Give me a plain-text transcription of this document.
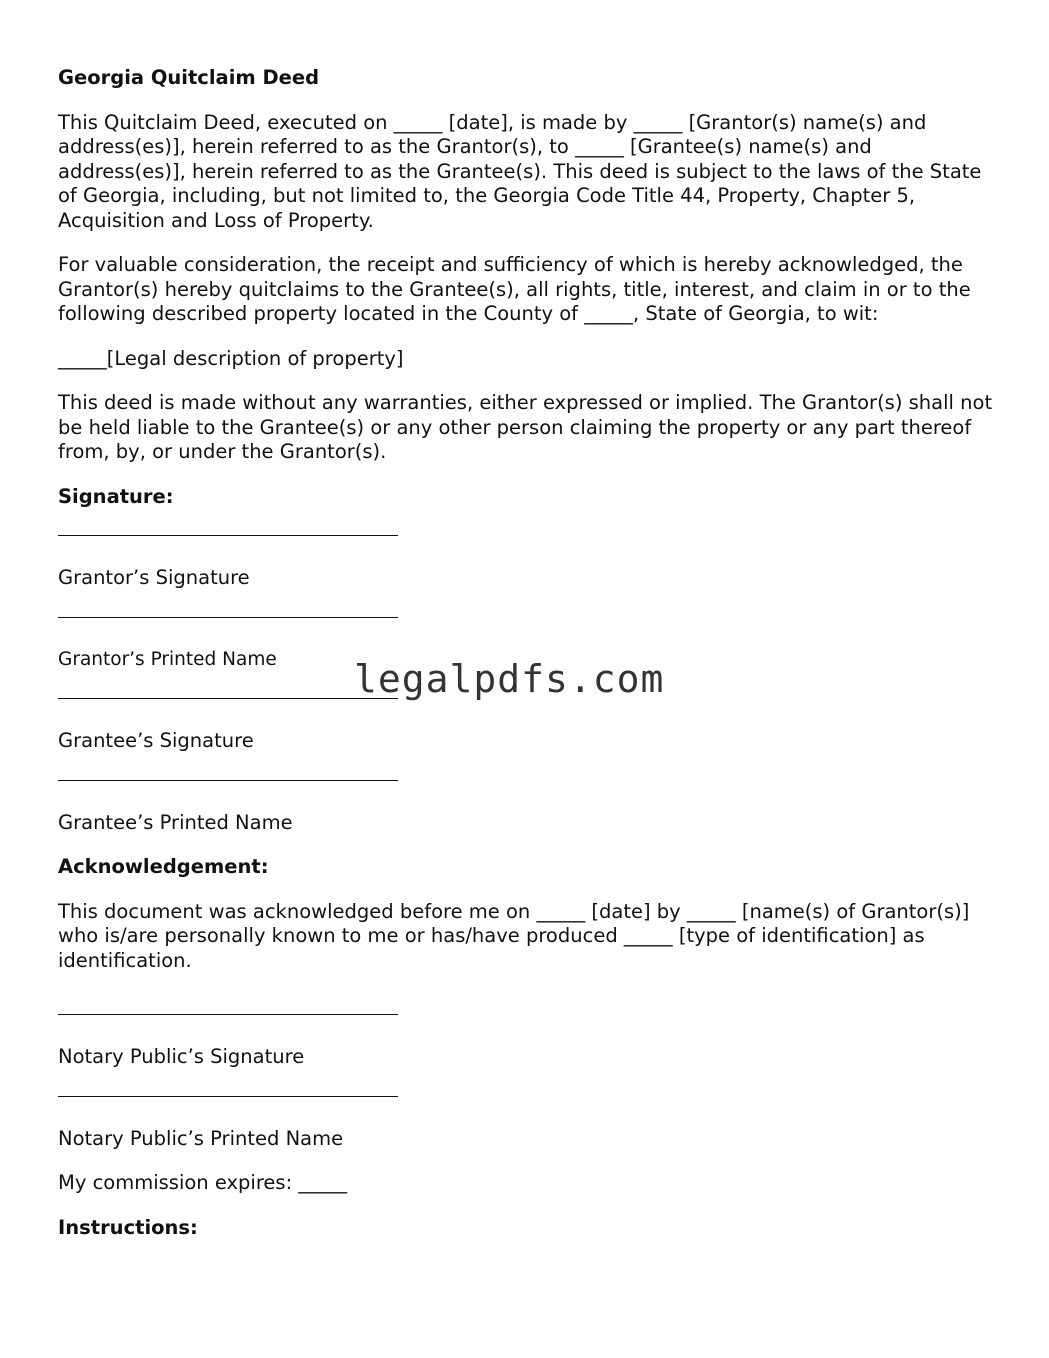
Georgia Quitclaim Deed
This Quitclaim Deed, executed on _____ [date], is made by _____ [Grantor(s) name(s) and address(es)], herein referred to as the Grantor(s), to _____ [Grantee(s) name(s) and address(es)], herein referred to as the Grantee(s). This deed is subject to the laws of the State of Georgia, including, but not limited to, the Georgia Code Title 44, Property, Chapter 5, Acquisition and Loss of Property.
For valuable consideration, the receipt and sufficiency of which is hereby acknowledged, the Grantor(s) hereby quitclaims to the Grantee(s), all rights, title, interest, and claim in or to the following described property located in the County of _____, State of Georgia, to wit:
_____[Legal description of property]
This deed is made without any warranties, either expressed or implied. The Grantor(s) shall not be held liable to the Grantee(s) or any other person claiming the property or any part thereof from, by, or under the Grantor(s).
Signature:
Grantor’s Signature
Grantor’s Printed Name
Grantee’s Signature
Grantee’s Printed Name
Acknowledgement:
This document was acknowledged before me on _____ [date] by _____ [name(s) of Grantor(s)] who is/are personally known to me or has/have produced _____ [type of identification] as identification.
Notary Public’s Signature
Notary Public’s Printed Name
My commission expires: _____
Instructions:
legalpdfs.com
